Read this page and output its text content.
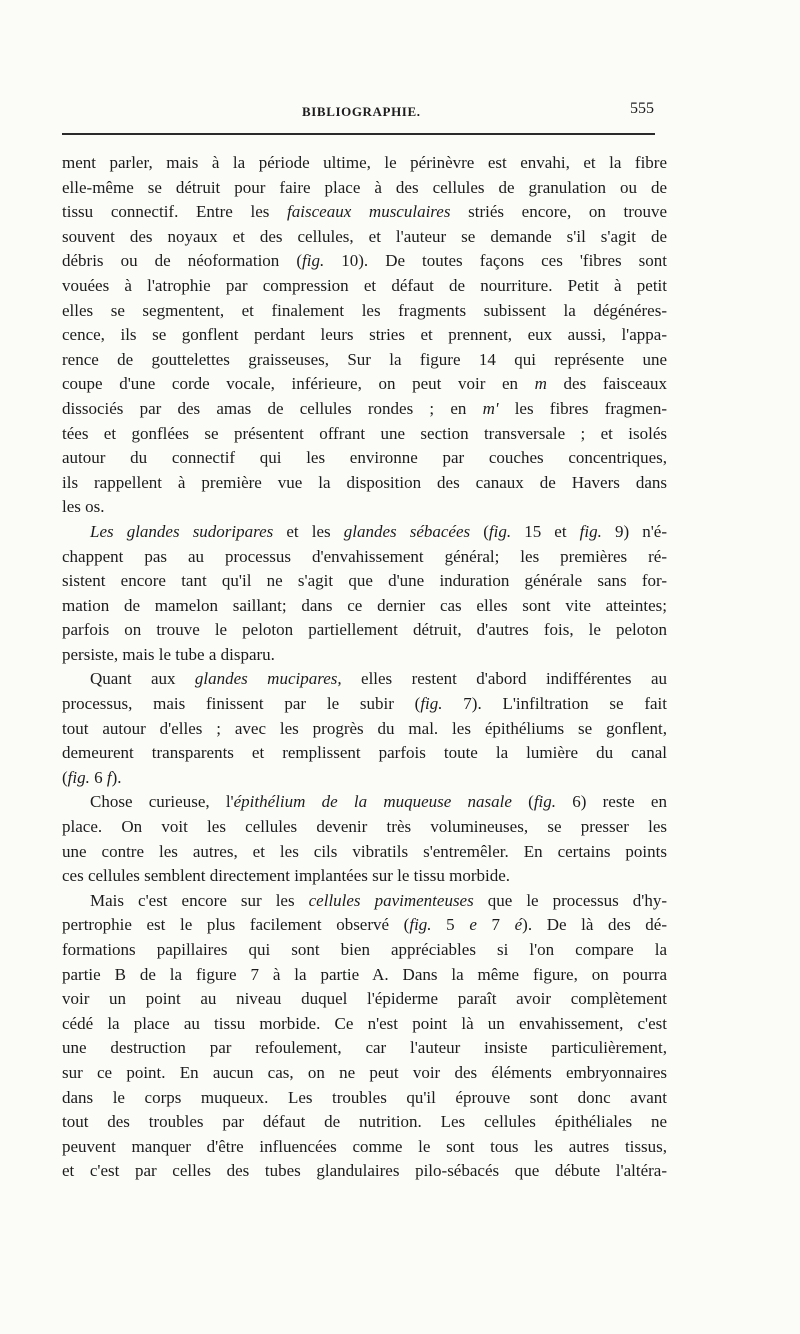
BIBLIOGRAPHIE.	555
ment parler, mais à la période ultime, le périnèvre est envahi, et la fibre
elle-même se détruit pour faire place à des cellules de granulation ou de
tissu connectif. Entre les faisceaux musculaires striés encore, on trouve
souvent des noyaux et des cellules, et l'auteur se demande s'il s'agit de
débris ou de néoformation (fig. 10). De toutes façons ces 'fibres sont
vouées à l'atrophie par compression et défaut de nourriture. Petit à petit
elles se segmentent, et finalement les fragments subissent la dégénéres-
cence, ils se gonflent perdant leurs stries et prennent, eux aussi, l'appa-
rence de gouttelettes graisseuses, Sur la figure 14 qui représente une
coupe d'une corde vocale, inférieure, on peut voir en m des faisceaux
dissociés par des amas de cellules rondes ; en m' les fibres fragmen-
tées et gonflées se présentent offrant une section transversale ; et isolés
autour du connectif qui les environne par couches concentriques,
ils rappellent à première vue la disposition des canaux de Havers dans
les os.
Les glandes sudoripares et les glandes sébacées (fig. 15 et fig. 9) n'é-
chappent pas au processus d'envahissement général; les premières ré-
sistent encore tant qu'il ne s'agit que d'une induration générale sans for-
mation de mamelon saillant; dans ce dernier cas elles sont vite atteintes;
parfois on trouve le peloton partiellement détruit, d'autres fois, le peloton
persiste, mais le tube a disparu.
Quant aux glandes mucipares, elles restent d'abord indifférentes au
processus, mais finissent par le subir (fig. 7). L'infiltration se fait
tout autour d'elles ; avec les progrès du mal. les épithéliums se gonflent,
demeurent transparents et remplissent parfois toute la lumière du canal
(fig. 6 f).
Chose curieuse, l'épithélium de la muqueuse nasale (fig. 6) reste en
place. On voit les cellules devenir très volumineuses, se presser les
une contre les autres, et les cils vibratils s'entremêler. En certains points
ces cellules semblent directement implantées sur le tissu morbide.
Mais c'est encore sur les cellules pavimenteuses que le processus d'hy-
pertrophie est le plus facilement observé (fig. 5 e 7 é). De là des dé-
formations papillaires qui sont bien appréciables si l'on compare la
partie B de la figure 7 à la partie A. Dans la même figure, on pourra
voir un point au niveau duquel l'épiderme paraît avoir complètement
cédé la place au tissu morbide. Ce n'est point là un envahissement, c'est
une destruction par refoulement, car l'auteur insiste particulièrement,
sur ce point. En aucun cas, on ne peut voir des éléments embryonnaires
dans le corps muqueux. Les troubles qu'il éprouve sont donc avant
tout des troubles par défaut de nutrition. Les cellules épithéliales ne
peuvent manquer d'être influencées comme le sont tous les autres tissus,
et c'est par celles des tubes glandulaires pilo-sébacés que débute l'altéra-
